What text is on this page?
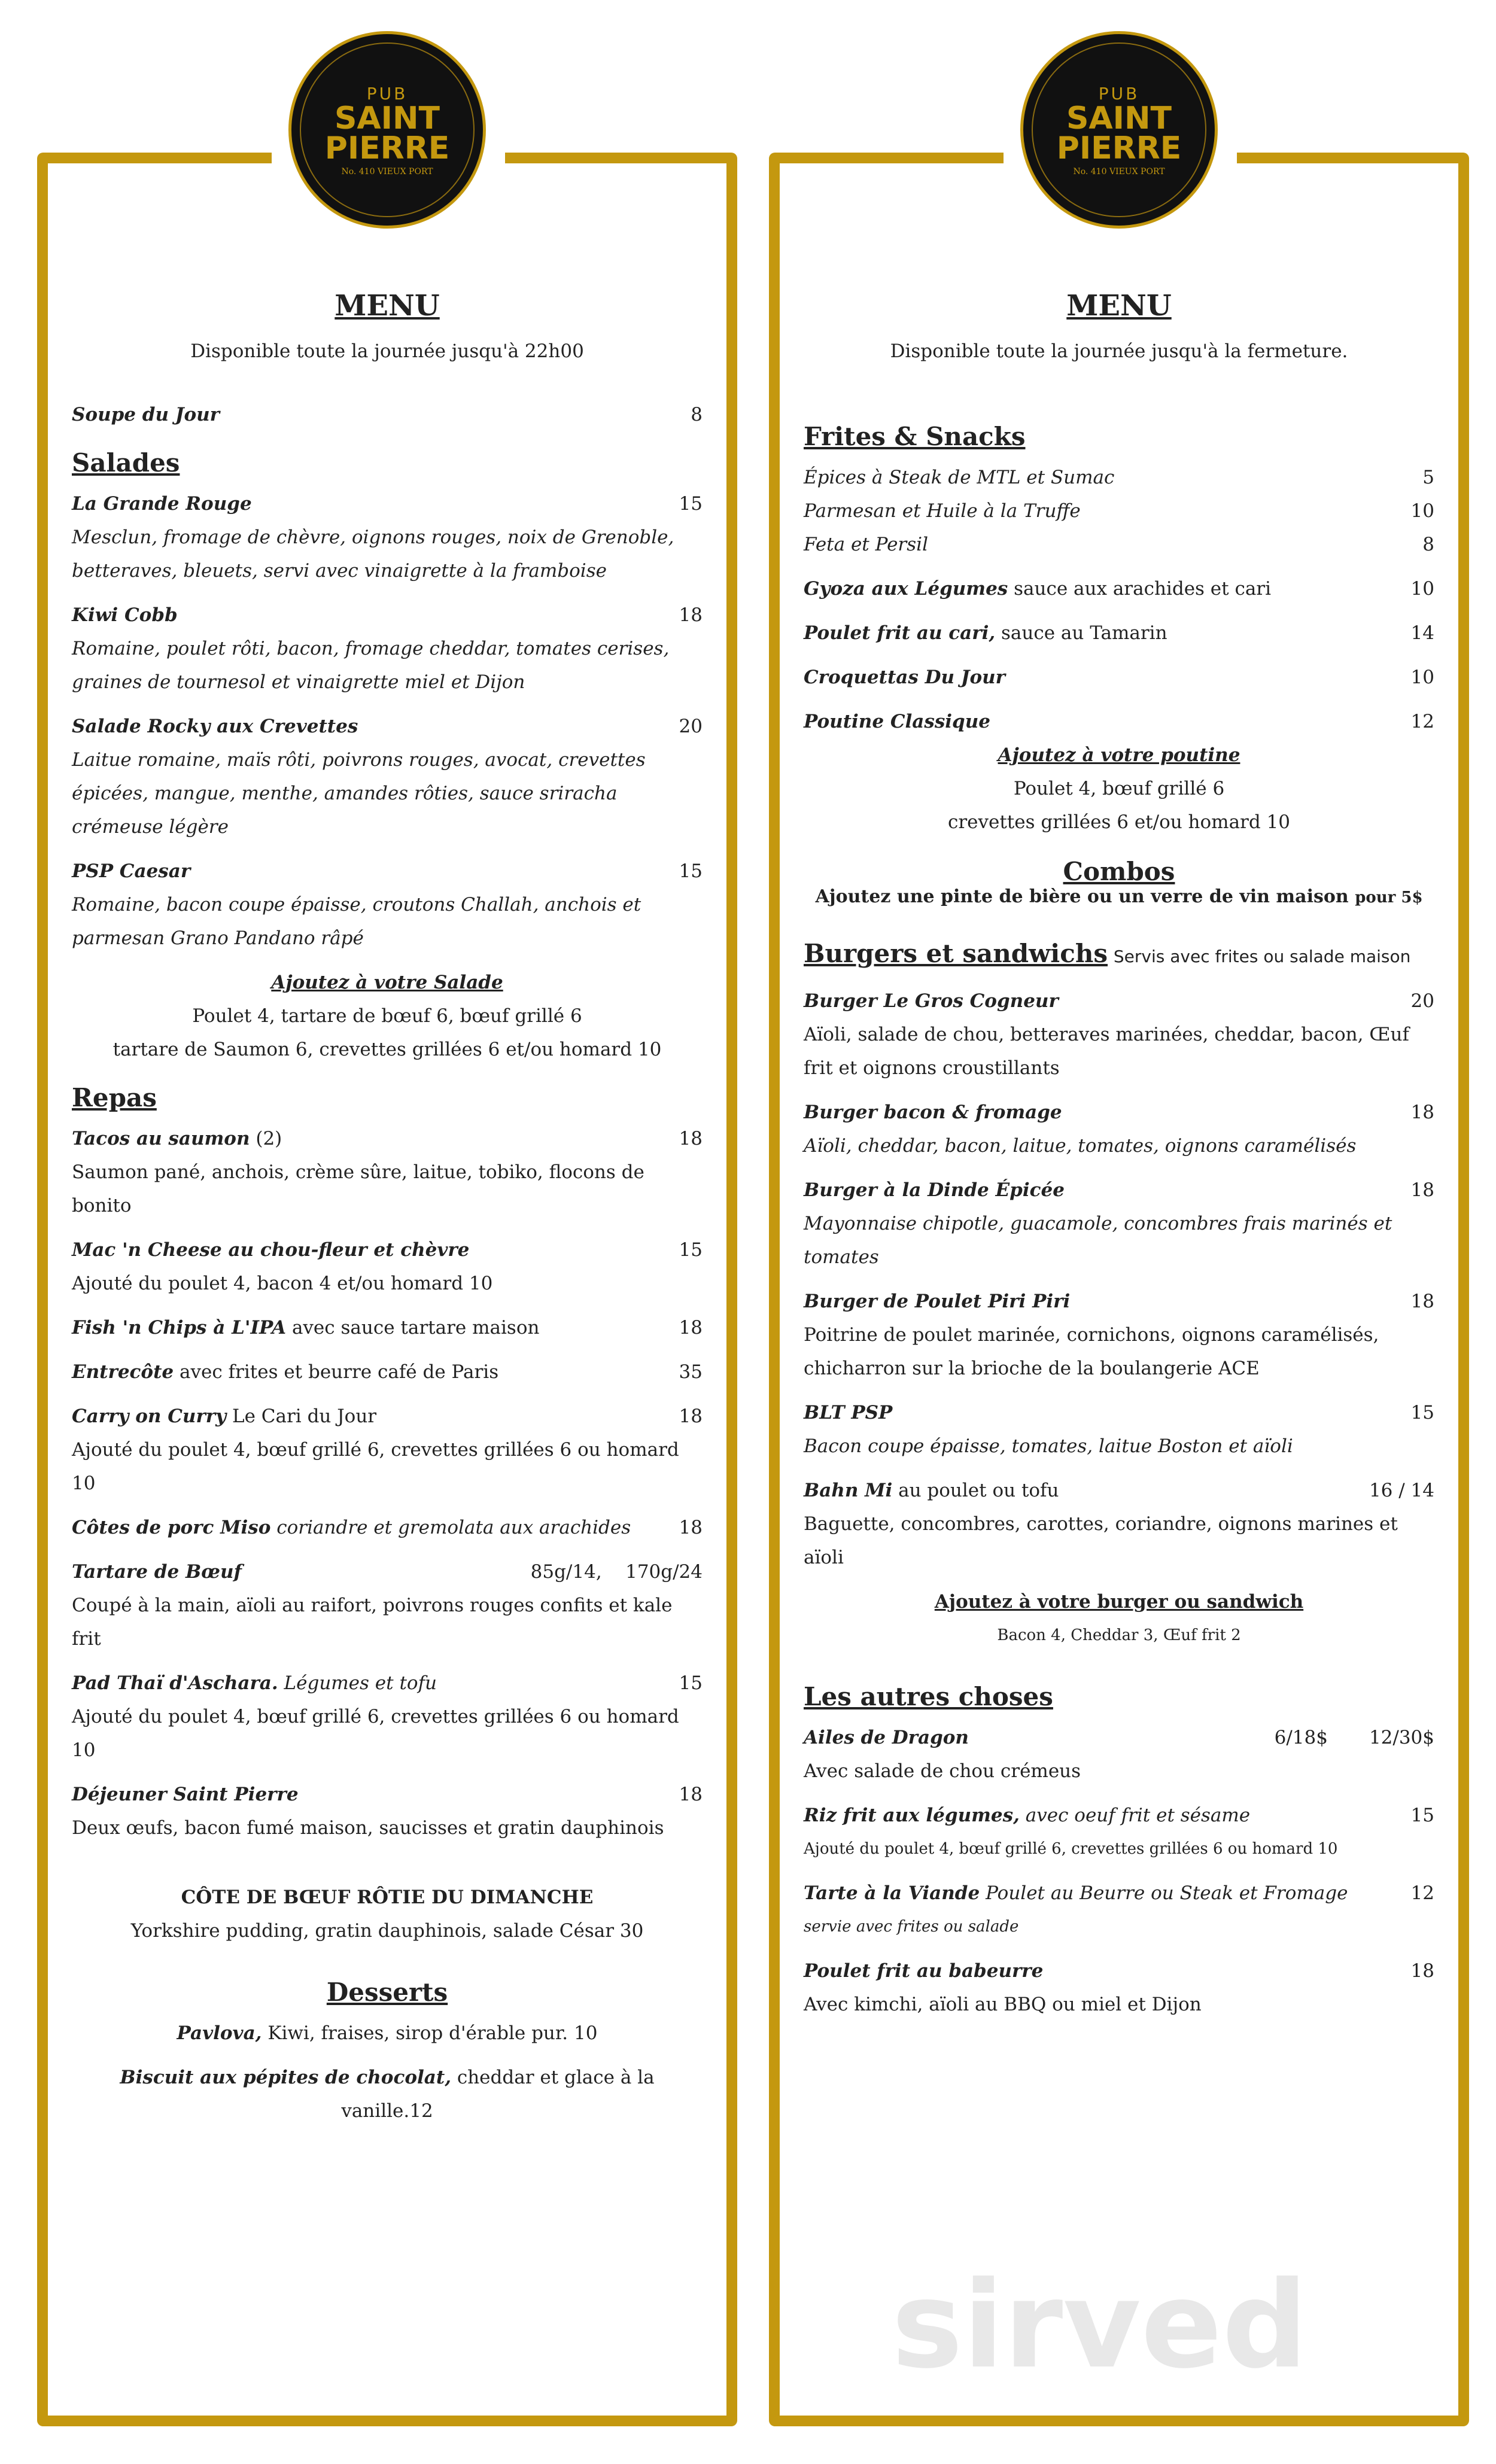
MENU
Disponible toute la journée jusqu'à 22h00
Soupe du Jour	8
Salades
La Grande Rouge	15
Mesclun, fromage de chèvre, oignons rouges, noix de Grenoble, betteraves, bleuets, servi avec vinaigrette à la framboise
Kiwi Cobb	18
Romaine, poulet rôti, bacon, fromage cheddar, tomates cerises, graines de tournesol et vinaigrette miel et Dijon
Salade Rocky aux Crevettes	20
Laitue romaine, maïs rôti, poivrons rouges, avocat, crevettes épicées, mangue, menthe, amandes rôties, sauce sriracha crémeuse légère
PSP Caesar	15
Romaine, bacon coupe épaisse, croutons Challah, anchois et parmesan Grano Pandano râpé
Ajoutez à votre Salade
Poulet 4, tartare de bœuf 6, bœuf grillé 6
tartare de Saumon 6, crevettes grillées 6 et/ou homard 10
Repas
Tacos au saumon (2)	18
Saumon pané, anchois, crème sûre, laitue, tobiko, flocons de bonito
Mac 'n Cheese au chou-fleur et chèvre	15
Ajouté du poulet 4, bacon 4 et/ou homard 10
Fish 'n Chips à L'IPA avec sauce tartare maison	18
Entrecôte avec frites et beurre café de Paris	35
Carry on Curry Le Cari du Jour	18
Ajouté du poulet 4, bœuf grillé 6, crevettes grillées 6 ou homard 10
Côtes de porc Miso coriandre et gremolata aux arachides	18
Tartare de Bœuf	85g/14,    170g/24
Coupé à la main, aïoli au raifort, poivrons rouges confits et kale frit
Pad Thaï d'Aschara. Légumes et tofu	15
Ajouté du poulet 4, bœuf grillé 6, crevettes grillées 6 ou homard 10
Déjeuner Saint Pierre	18
Deux œufs, bacon fumé maison, saucisses et gratin dauphinois
CÔTE DE BŒUF RÔTIE DU DIMANCHE
Yorkshire pudding, gratin dauphinois, salade César 30
Desserts
Pavlova, Kiwi, fraises, sirop d'érable pur. 10
Biscuit aux pépites de chocolat, cheddar et glace à la vanille.12
MENU
Disponible toute la journée jusqu'à la fermeture.
Frites & Snacks
Épices à Steak de MTL et Sumac	5
Parmesan et Huile à la Truffe	10
Feta et Persil	8
Gyoza aux Légumes sauce aux arachides et cari	10
Poulet frit au cari, sauce au Tamarin	14
Croquettas Du Jour	10
Poutine Classique	12
Ajoutez à votre poutine
Poulet 4, bœuf grillé 6
crevettes grillées 6 et/ou homard 10
Combos
Ajoutez une pinte de bière ou un verre de vin maison pour 5$
Burgers et sandwichs Servis avec frites ou salade maison
Burger Le Gros Cogneur	20
Aïoli, salade de chou, betteraves marinées, cheddar, bacon, Œuf frit et oignons croustillants
Burger bacon & fromage	18
Aïoli, cheddar, bacon, laitue, tomates, oignons caramélisés
Burger à la Dinde Épicée	18
Mayonnaise chipotle, guacamole, concombres frais marinés et tomates
Burger de Poulet Piri Piri	18
Poitrine de poulet marinée, cornichons, oignons caramélisés, chicharron sur la brioche de la boulangerie ACE
BLT PSP	15
Bacon coupe épaisse, tomates, laitue Boston et aïoli
Bahn Mi au poulet ou tofu	16 / 14
Baguette, concombres, carottes, coriandre, oignons marines et aïoli
Ajoutez à votre burger ou sandwich
Bacon 4, Cheddar 3, Œuf frit 2
Les autres choses
Ailes de Dragon	6/18$       12/30$
Avec salade de chou crémeus
Riz frit aux légumes, avec oeuf frit et sésame	15
Ajouté du poulet 4, bœuf grillé 6, crevettes grillées 6 ou homard 10
Tarte à la Viande Poulet au Beurre ou Steak et Fromage	12
servie avec frites ou salade
Poulet frit au babeurre	18
Avec kimchi, aïoli au BBQ ou miel et Dijon
PUB
SAINT
PIERRE
No. 410 VIEUX PORT
PUB
SAINT
PIERRE
No. 410 VIEUX PORT
sirved
